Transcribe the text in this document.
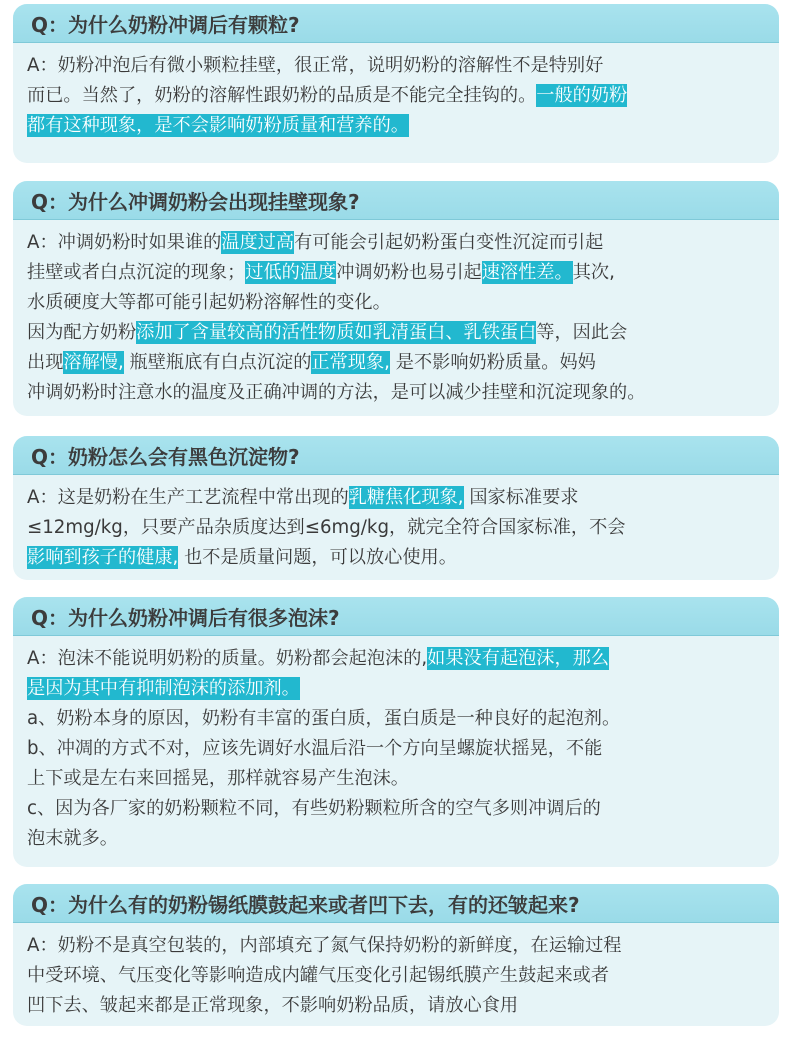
Q：为什么奶粉冲调后有颗粒?

A：奶粉冲泡后有微小颗粒挂壁，很正常，说明奶粉的溶解性不是特别好

而已。当然了，奶粉的溶解性跟奶粉的品质是不能完全挂钩的。一般的奶粉

都有这种现象，是不会影响奶粉质量和营养的。

Q：为什么冲调奶粉会出现挂壁现象?

A：冲调奶粉时如果谁的温度过高有可能会引起奶粉蛋白变性沉淀而引起

挂壁或者白点沉淀的现象；过低的温度冲调奶粉也易引起速溶性差。其次,

水质硬度大等都可能引起奶粉溶解性的变化。

因为配方奶粉添加了含量较高的活性物质如乳清蛋白、乳铁蛋白等，因此会

出现溶解慢, 瓶壁瓶底有白点沉淀的正常现象, 是不影响奶粉质量。妈妈

冲调奶粉时注意水的温度及正确冲调的方法，是可以减少挂壁和沉淀现象的。

Q：奶粉怎么会有黑色沉淀物?

A：这是奶粉在生产工艺流程中常出现的乳糖焦化现象, 国家标准要求

≤12mg/kg，只要产品杂质度达到≤6mg/kg，就完全符合国家标准，不会

影响到孩子的健康, 也不是质量问题，可以放心使用。

Q：为什么奶粉冲调后有很多泡沫?

A：泡沫不能说明奶粉的质量。奶粉都会起泡沫的,如果没有起泡沫，那么

是因为其中有抑制泡沫的添加剂。

a、奶粉本身的原因，奶粉有丰富的蛋白质，蛋白质是一种良好的起泡剂。

b、冲凋的方式不对，应该先调好水温后沿一个方向呈螺旋状摇晃，不能

上下或是左右来回摇晃，那样就容易产生泡沫。

c、因为各厂家的奶粉颗粒不同，有些奶粉颗粒所含的空气多则冲调后的

泡末就多。

Q：为什么有的奶粉锡纸膜鼓起来或者凹下去，有的还皱起来?

A：奶粉不是真空包装的，内部填充了氮气保持奶粉的新鲜度，在运输过程

中受环境、气压变化等影响造成内罐气压变化引起锡纸膜产生鼓起来或者

凹下去、皱起来都是正常现象，不影响奶粉品质，请放心食用
